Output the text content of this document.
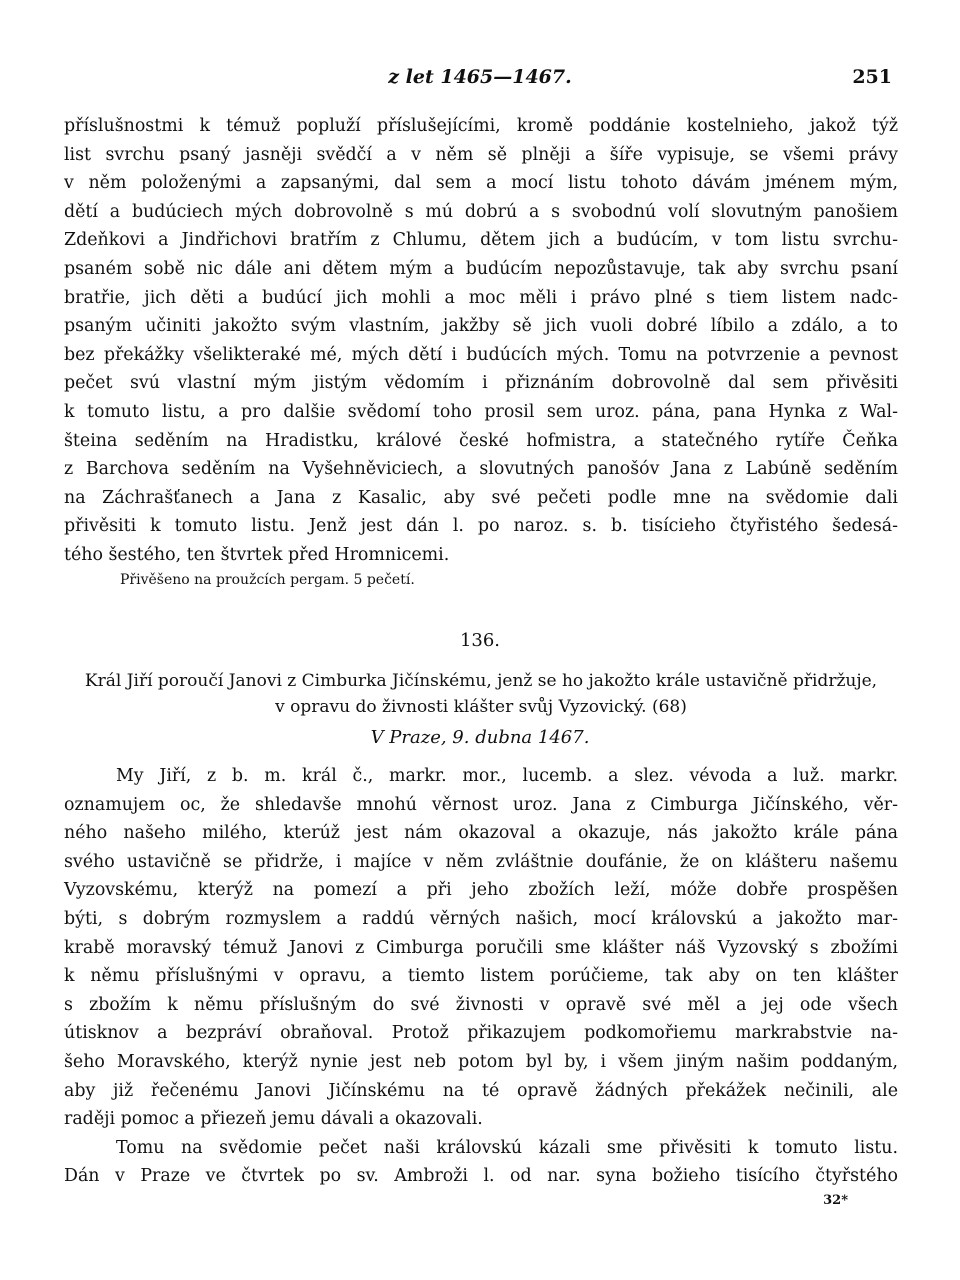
z let 1465—1467.	251
příslušnostmi k témuž popluží příslušejícími, kromě poddánie kostelnieho, jakož týž
list svrchu psaný jasněji svědčí a v něm sě plněji a šíře vypisuje, se všemi právy
v něm položenými a zapsanými, dal sem a mocí listu tohoto dávám jménem mým,
dětí a budúciech mých dobrovolně s mú dobrú a s svobodnú volí slovutným panošiem
Zdeňkovi a Jindřichovi bratřím z Chlumu, dětem jich a budúcím, v tom listu svrchu-
psaném sobě nic dále ani dětem mým a budúcím nepozůstavuje, tak aby svrchu psaní
bratřie, jich děti a budúcí jich mohli a moc měli i právo plné s tiem listem nadc-
psaným učiniti jakožto svým vlastním, jakžby sě jich vuoli dobré líbilo a zdálo, a to
bez překážky všelikteraké mé, mých dětí i budúcích mých. Tomu na potvrzenie a pevnost
pečet svú vlastní mým jistým vědomím i přiznáním dobrovolně dal sem přivěsiti
k tomuto listu, a pro dalšie svědomí toho prosil sem uroz. pána, pana Hynka z Wal-
šteina seděním na Hradistku, králové české hofmistra, a statečného rytíře Čeňka
z Barchova seděním na Vyšehněviciech, a slovutných panošóv Jana z Labúně seděním
na Záchrašťanech a Jana z Kasalic, aby své pečeti podle mne na svědomie dali
přivěsiti k tomuto listu. Jenž jest dán l. po naroz. s. b. tisícieho čtyřistého šedesá-
tého šestého, ten štvrtek před Hromnicemi.
Přivěšeno na proužcích pergam. 5 pečetí.
136.
Král Jiří poroučí Janovi z Cimburka Jičínskému, jenž se ho jakožto krále ustavičně přidržuje,
v opravu do živnosti klášter svůj Vyzovický. (68)
V Praze, 9. dubna 1467.
My Jiří, z b. m. král č., markr. mor., lucemb. a slez. vévoda a luž. markr.
oznamujem oc, že shledavše mnohú věrnost uroz. Jana z Cimburga Jičínského, věr-
ného našeho milého, kterúž jest nám okazoval a okazuje, nás jakožto krále pána
svého ustavičně se přidrže, i majíce v něm zvláštnie doufánie, že on klášteru našemu
Vyzovskému, kterýž na pomezí a při jeho zbožích leží, móže dobře prospěšen
býti, s dobrým rozmyslem a raddú věrných našich, mocí královskú a jakožto mar-
krabě moravský témuž Janovi z Cimburga poručili sme klášter náš Vyzovský s zbožími
k němu příslušnými v opravu, a tiemto listem porúčieme, tak aby on ten klášter
s zbožím k němu příslušným do své živnosti v opravě své měl a jej ode všech
útisknov a bezpráví obraňoval. Protož přikazujem podkomořiemu markrabstvie na-
šeho Moravského, kterýž nynie jest neb potom byl by, i všem jiným našim poddaným,
aby již řečenému Janovi Jičínskému na té opravě žádných překážek nečinili, ale
raději pomoc a přiezeň jemu dávali a okazovali.
Tomu na svědomie pečet naši královskú kázali sme přivěsiti k tomuto listu.
Dán v Praze ve čtvrtek po sv. Ambroži l. od nar. syna božieho tisícího čtyřstého
32*
